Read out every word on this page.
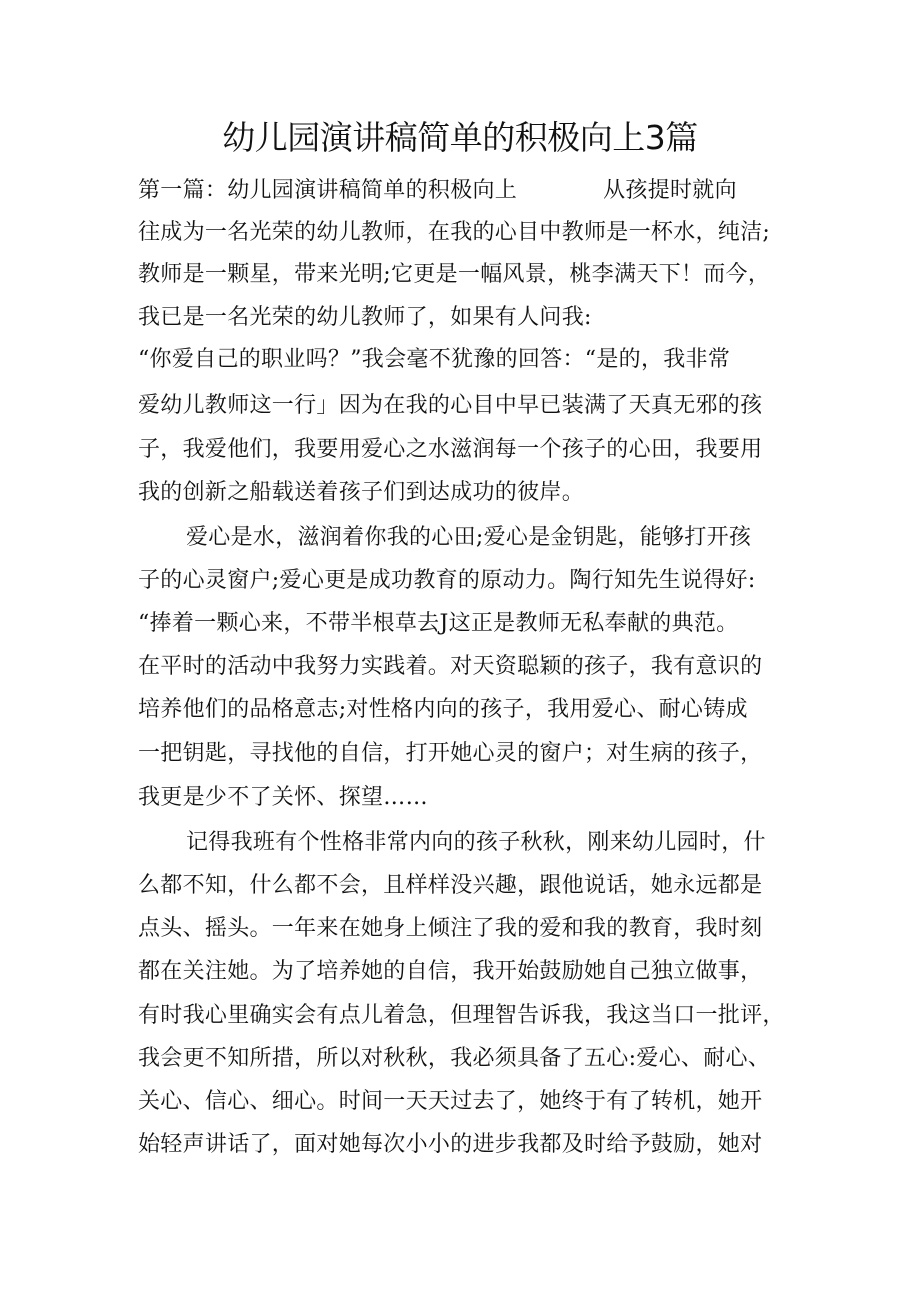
幼儿园演讲稿简单的积极向上3篇
第一篇：幼儿园演讲稿简单的积极向上	从孩提时就向
往成为一名光荣的幼儿教师，在我的心目中教师是一杯水，纯洁;
教师是一颗星，带来光明;它更是一幅风景，桃李满天下！而今，
我已是一名光荣的幼儿教师了，如果有人问我:
“你爱自己的职业吗？”我会毫不犹豫的回答：“是的，我非常
爱幼儿教师这一行」因为在我的心目中早已装满了天真无邪的孩
子，我爱他们，我要用爱心之水滋润每一个孩子的心田，我要用
我的创新之船载送着孩子们到达成功的彼岸。
爱心是水，滋润着你我的心田;爱心是金钥匙，能够打开孩
子的心灵窗户;爱心更是成功教育的原动力。陶行知先生说得好:
“捧着一颗心来，不带半根草去J这正是教师无私奉献的典范。
在平时的活动中我努力实践着。对天资聪颖的孩子，我有意识的
培养他们的品格意志;对性格内向的孩子，我用爱心、耐心铸成
一把钥匙，寻找他的自信，打开她心灵的窗户；对生病的孩子，
我更是少不了关怀、探望……
记得我班有个性格非常内向的孩子秋秋，刚来幼儿园时，什
么都不知，什么都不会，且样样没兴趣，跟他说话，她永远都是
点头、摇头。一年来在她身上倾注了我的爱和我的教育，我时刻
都在关注她。为了培养她的自信，我开始鼓励她自己独立做事，
有时我心里确实会有点儿着急，但理智告诉我，我这当口一批评，
我会更不知所措，所以对秋秋，我必须具备了五心:爱心、耐心、
关心、信心、细心。时间一天天过去了，她终于有了转机，她开
始轻声讲话了，面对她每次小小的进步我都及时给予鼓励，她对
